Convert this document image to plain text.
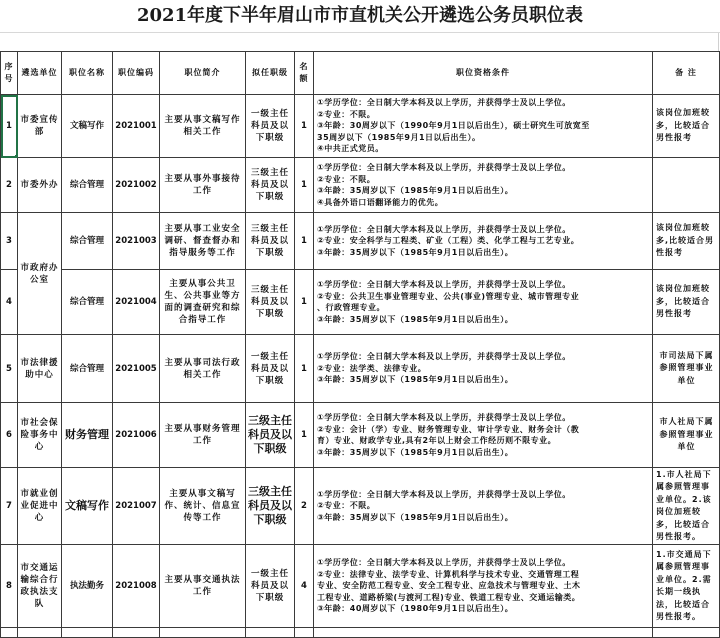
2021年度下半年眉山市市直机关公开遴选公务员职位表
序号	遴选单位	职位名称	职位编码	职位简介	拟任职级	名额	职位资格条件	备 注
1	市委宣传部	文稿写作	2021001	主要从事文稿写作相关工作	一级主任科员及以下职级	1	①学历学位：全日制大学本科及以上学历，并获得学士及以上学位。
②专业：不限。
③年龄：30周岁以下（1990年9月1日以后出生），硕士研究生可放宽至
35周岁以下（1985年9月1日以后出生）。
④中共正式党员。	该岗位加班较多，比较适合男性报考
2	市委外办	综合管理	2021002	主要从事外事接待工作	三级主任科员及以下职级	1	①学历学位：全日制大学本科及以上学历，并获得学士及以上学位。
②专业：不限。
③年龄：35周岁以下（1985年9月1日以后出生）。
④具备外语口语翻译能力的优先。	

3	市政府办公室	综合管理	2021003	主要从事工业安全调研、督查督办和指导服务等工作	三级主任科员及以下职级	1	①学历学位：全日制大学本科及以上学历，并获得学士及以上学位。
②专业：安全科学与工程类、矿业（工程）类、化学工程与工艺专业。
③年龄：35周岁以下（1985年9月1日以后出生）。	该岗位加班较多,比较适合男性报考
4		综合管理	2021004	主要从事公共卫生、公共事业等方面的调查研究和综合指导工作	三级主任科员及以下职级	1	①学历学位：全日制大学本科及以上学历，并获得学士及以上学位。
②专业：公共卫生事业管理专业、公共(事业)管理专业、城市管理专业
、行政管理专业。
③年龄：35周岁以下（1985年9月1日以后出生）。	该岗位加班较多，比较适合男性报考
5	市法律援助中心	综合管理	2021005	主要从事司法行政相关工作	一级主任科员及以下职级	1	①学历学位：全日制大学本科及以上学历，并获得学士及以上学位。
②专业：法学类、法律专业。
③年龄：35周岁以下（1985年9月1日以后出生）。	市司法局下属参照管理事业单位
6	市社会保险事务中心	财务管理	2021006	主要从事财务管理工作	三级主任科员及以下职级	1	①学历学位：全日制大学本科及以上学历，并获得学士及以上学位。
②专业：会计（学）专业、财务管理专业、审计学专业、财务会计（教
育）专业、财政学专业,具有2年以上财会工作经历则不限专业。
③年龄：35周岁以下（1985年9月1日以后出生）。	市人社局下属参照管理事业单位
7	市就业创业促进中心	文稿写作	2021007	主要从事文稿写作、统计、信息宣传等工作	三级主任科员及以下职级	2	①学历学位：全日制大学本科及以上学历，并获得学士及以上学位。
②专业：不限。
③年龄：35周岁以下（1985年9月1日以后出生）。	1.市人社局下属参照管理事业单位。2.该岗位加班较多，比较适合男性报考。
8	市交通运输综合行政执法支队	执法勤务	2021008	主要从事交通执法工作	一级主任科员及以下职级	4	①学历学位：全日制大学本科及以上学历，并获得学士及以上学位。
②专业：法律专业、法学专业、计算机科学与技术专业、交通管理工程
专业、安全防范工程专业、安全工程专业、应急技术与管理专业、土木
工程专业、道路桥梁(与渡河工程)专业、铁道工程专业、交通运输类。
③年龄：40周岁以下（1980年9月1日以后出生）。	1.市交通局下属参照管理事业单位。2.需长期一线执法，比较适合男性报考。
